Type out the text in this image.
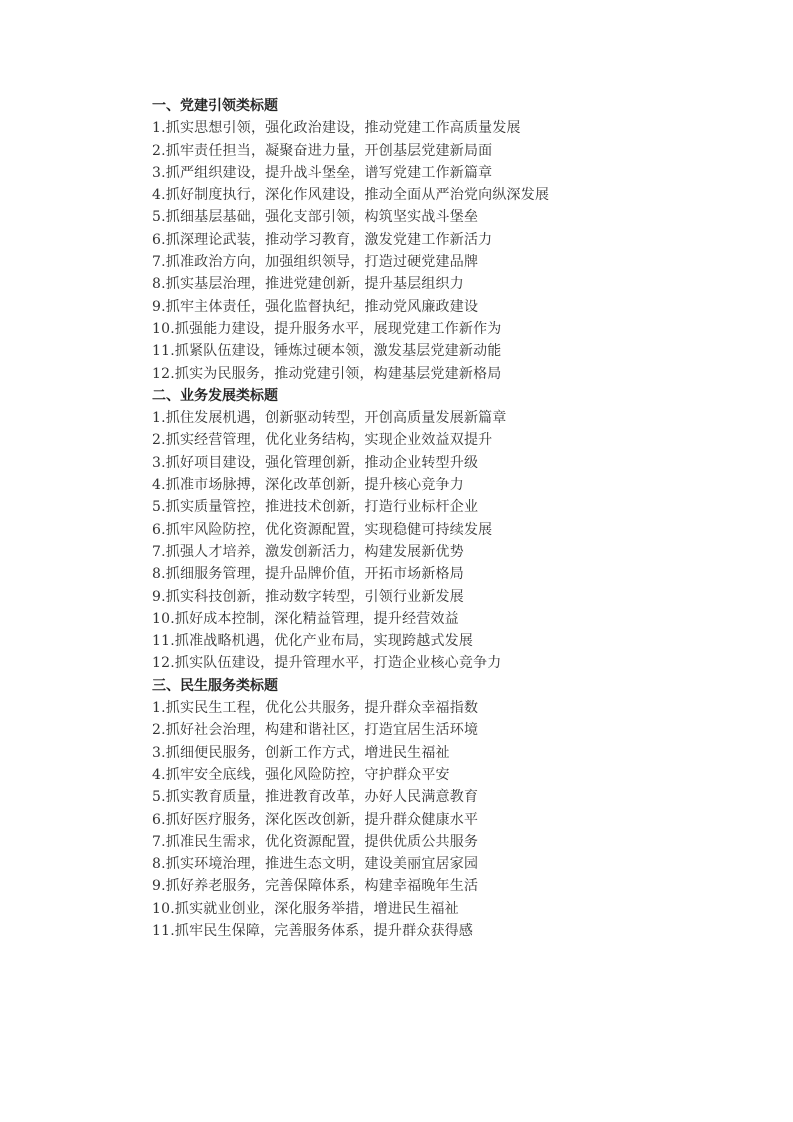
一、党建引领类标题
1.抓实思想引领，强化政治建设，推动党建工作高质量发展
2.抓牢责任担当，凝聚奋进力量，开创基层党建新局面
3.抓严组织建设，提升战斗堡垒，谱写党建工作新篇章
4.抓好制度执行，深化作风建设，推动全面从严治党向纵深发展
5.抓细基层基础，强化支部引领，构筑坚实战斗堡垒
6.抓深理论武装，推动学习教育，激发党建工作新活力
7.抓准政治方向，加强组织领导，打造过硬党建品牌
8.抓实基层治理，推进党建创新，提升基层组织力
9.抓牢主体责任，强化监督执纪，推动党风廉政建设
10.抓强能力建设，提升服务水平，展现党建工作新作为
11.抓紧队伍建设，锤炼过硬本领，激发基层党建新动能
12.抓实为民服务，推动党建引领，构建基层党建新格局
二、业务发展类标题
1.抓住发展机遇，创新驱动转型，开创高质量发展新篇章
2.抓实经营管理，优化业务结构，实现企业效益双提升
3.抓好项目建设，强化管理创新，推动企业转型升级
4.抓准市场脉搏，深化改革创新，提升核心竞争力
5.抓实质量管控，推进技术创新，打造行业标杆企业
6.抓牢风险防控，优化资源配置，实现稳健可持续发展
7.抓强人才培养，激发创新活力，构建发展新优势
8.抓细服务管理，提升品牌价值，开拓市场新格局
9.抓实科技创新，推动数字转型，引领行业新发展
10.抓好成本控制，深化精益管理，提升经营效益
11.抓准战略机遇，优化产业布局，实现跨越式发展
12.抓实队伍建设，提升管理水平，打造企业核心竞争力
三、民生服务类标题
1.抓实民生工程，优化公共服务，提升群众幸福指数
2.抓好社会治理，构建和谐社区，打造宜居生活环境
3.抓细便民服务，创新工作方式，增进民生福祉
4.抓牢安全底线，强化风险防控，守护群众平安
5.抓实教育质量，推进教育改革，办好人民满意教育
6.抓好医疗服务，深化医改创新，提升群众健康水平
7.抓准民生需求，优化资源配置，提供优质公共服务
8.抓实环境治理，推进生态文明，建设美丽宜居家园
9.抓好养老服务，完善保障体系，构建幸福晚年生活
10.抓实就业创业，深化服务举措，增进民生福祉
11.抓牢民生保障，完善服务体系，提升群众获得感
